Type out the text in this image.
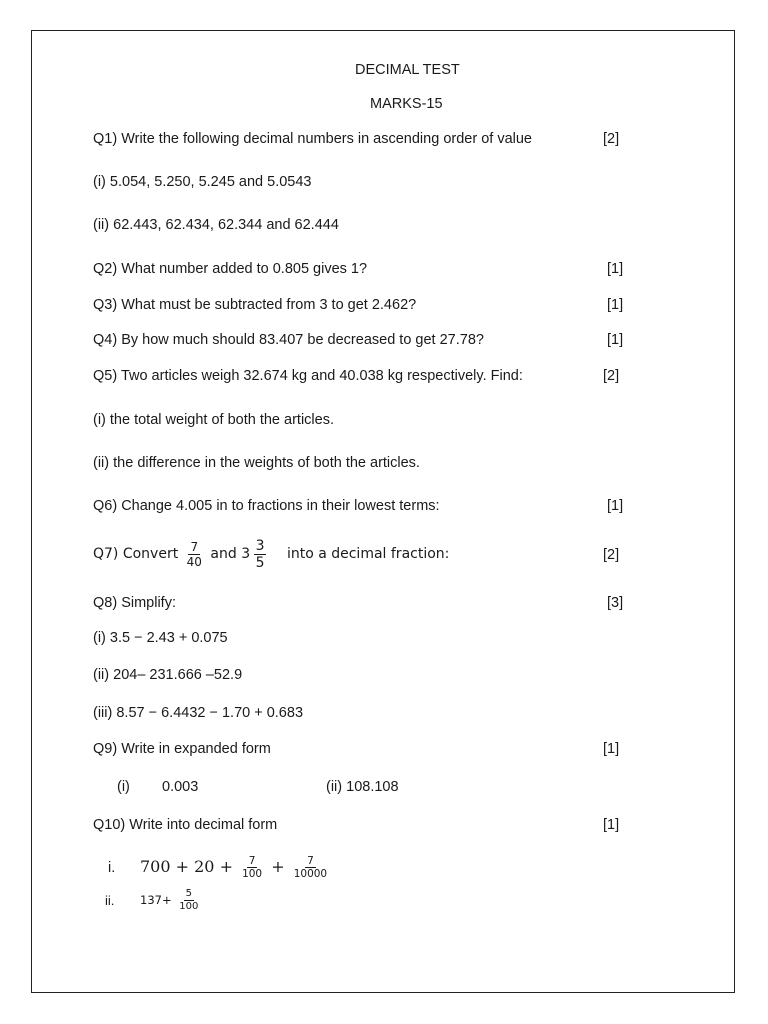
DECIMAL TEST
MARKS-15
Q1) Write the following decimal numbers in ascending order of value	[2]
(i) 5.054, 5.250, 5.245 and 5.0543
(ii) 62.443, 62.434, 62.344 and 62.444
Q2) What number added to 0.805 gives 1?	[1]
Q3) What must be subtracted from 3 to get 2.462?	[1]
Q4) By how much should 83.407 be decreased to get 27.78?	[1]
Q5) Two articles weigh 32.674 kg and 40.038 kg respectively. Find:	[2]
(i) the total weight of both the articles.
(ii) the difference in the weights of both the articles.
Q6) Change 4.005 in to fractions in their lowest terms:	[1]
Q7) Convert $\frac{7}{40}$ and $3 \frac{3}{5}$ into a decimal fraction:	[2]
Q8) Simplify:	[3]
(i) 3.5 − 2.43 + 0.075
(ii) 204– 231.666 –52.9
(iii) 8.57 − 6.4432 − 1.70 + 0.683
Q9) Write in expanded form	[1]
(i) 0.003	(ii) 108.108
Q10) Write into decimal form	[1]
i. $700 + 20 + \frac{7}{100} + \frac{7}{10000}$
ii. $137+ \frac{5}{100}$
